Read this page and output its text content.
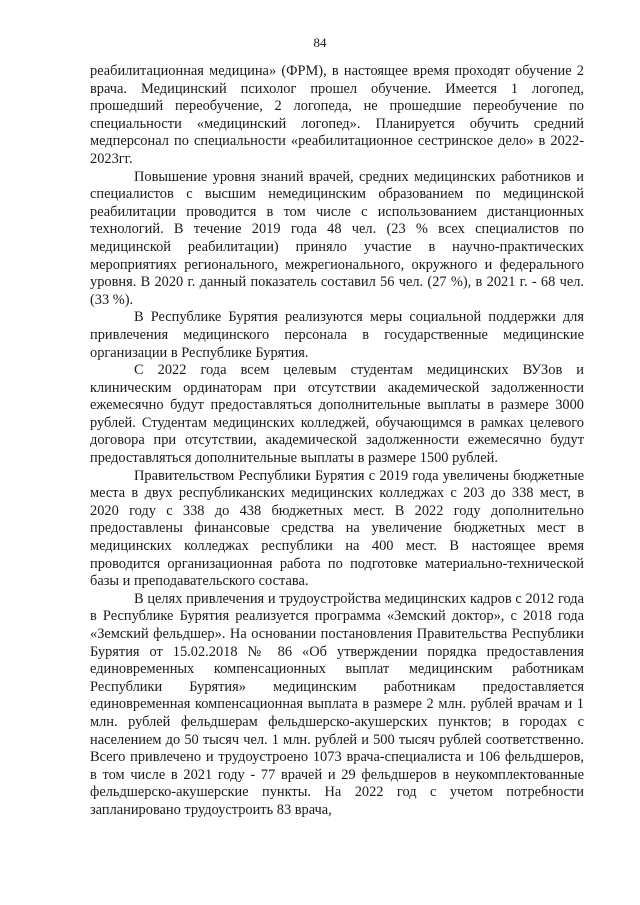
84

реабилитационная медицина» (ФРМ), в настоящее время проходят обучение 2 врача. Медицинский психолог прошел обучение. Имеется 1 логопед, прошедший переобучение, 2 логопеда, не прошедшие переобучение по специальности «медицинский логопед». Планируется обучить средний медперсонал по специальности «реабилитационное сестринское дело» в 2022-2023гг.

Повышение уровня знаний врачей, средних медицинских работников и специалистов с высшим немедицинским образованием по медицинской реабилитации проводится в том числе с использованием дистанционных технологий. В течение 2019 года 48 чел. (23 % всех специалистов по медицинской реабилитации) приняло участие в научно-практических мероприятиях регионального, межрегионального, окружного и федерального уровня. В 2020 г. данный показатель составил 56 чел. (27 %), в 2021 г. - 68 чел. (33 %).

В Республике Бурятия реализуются меры социальной поддержки для привлечения медицинского персонала в государственные медицинские организации в Республике Бурятия.

С 2022 года всем целевым студентам медицинских ВУЗов и клиническим ординаторам при отсутствии академической задолженности ежемесячно будут предоставляться дополнительные выплаты в размере 3000 рублей. Студентам медицинских колледжей, обучающимся в рамках целевого договора при отсутствии, академической задолженности ежемесячно будут предоставляться дополнительные выплаты в размере 1500 рублей.

Правительством Республики Бурятия с 2019 года увеличены бюджетные места в двух республиканских медицинских колледжах с 203 до 338 мест, в 2020 году с 338 до 438 бюджетных мест. В 2022 году дополнительно предоставлены финансовые средства на увеличение бюджетных мест в медицинских колледжах республики на 400 мест. В настоящее время проводится организационная работа по подготовке материально-технической базы и преподавательского состава.

В целях привлечения и трудоустройства медицинских кадров с 2012 года в Республике Бурятия реализуется программа «Земский доктор», с 2018 года «Земский фельдшер». На основании постановления Правительства Республики Бурятия от 15.02.2018 № 86 «Об утверждении порядка предоставления единовременных компенсационных выплат медицинским работникам Республики Бурятия» медицинским работникам предоставляется единовременная компенсационная выплата в размере 2 млн. рублей врачам и 1 млн. рублей фельдшерам фельдшерско-акушерских пунктов; в городах с населением до 50 тысяч чел. 1 млн. рублей и 500 тысяч рублей соответственно. Всего привлечено и трудоустроено 1073 врача-специалиста и 106 фельдшеров, в том числе в 2021 году - 77 врачей и 29 фельдшеров в неукомплектованные фельдшерско-акушерские пункты. На 2022 год с учетом потребности запланировано трудоустроить 83 врача,
